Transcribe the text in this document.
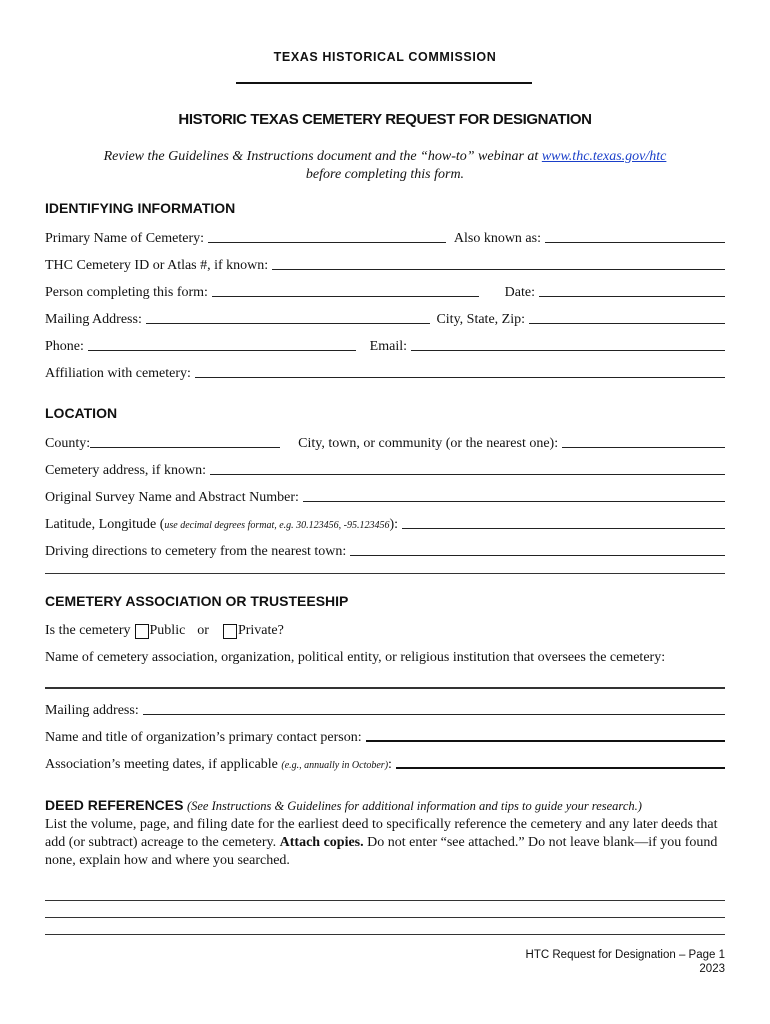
TEXAS HISTORICAL COMMISSION
HISTORIC TEXAS CEMETERY REQUEST FOR DESIGNATION
Review the Guidelines & Instructions document and the “how-to” webinar at www.thc.texas.gov/htc
before completing this form.
IDENTIFYING INFORMATION
Primary Name of Cemetery:	Also known as:
THC Cemetery ID or Atlas #, if known:
Person completing this form:	Date:
Mailing Address:	City, State, Zip:
Phone:	Email:
Affiliation with cemetery:
LOCATION
County:	City, town, or community (or the nearest one):
Cemetery address, if known:
Original Survey Name and Abstract Number:
Latitude, Longitude (use decimal degrees format, e.g. 30.123456, -95.123456):
Driving directions to cemetery from the nearest town:
CEMETERY ASSOCIATION OR TRUSTEESHIP
Is the cemetery Public or Private?
Name of cemetery association, organization, political entity, or religious institution that oversees the cemetery:
Mailing address:
Name and title of organization’s primary contact person:
Association’s meeting dates, if applicable (e.g., annually in October):
DEED REFERENCES (See Instructions & Guidelines for additional information and tips to guide your research.)
List the volume, page, and filing date for the earliest deed to specifically reference the cemetery and any later deeds that add (or subtract) acreage to the cemetery. Attach copies. Do not enter “see attached.” Do not leave blank—if you found none, explain how and where you searched.
HTC Request for Designation – Page 1
2023
